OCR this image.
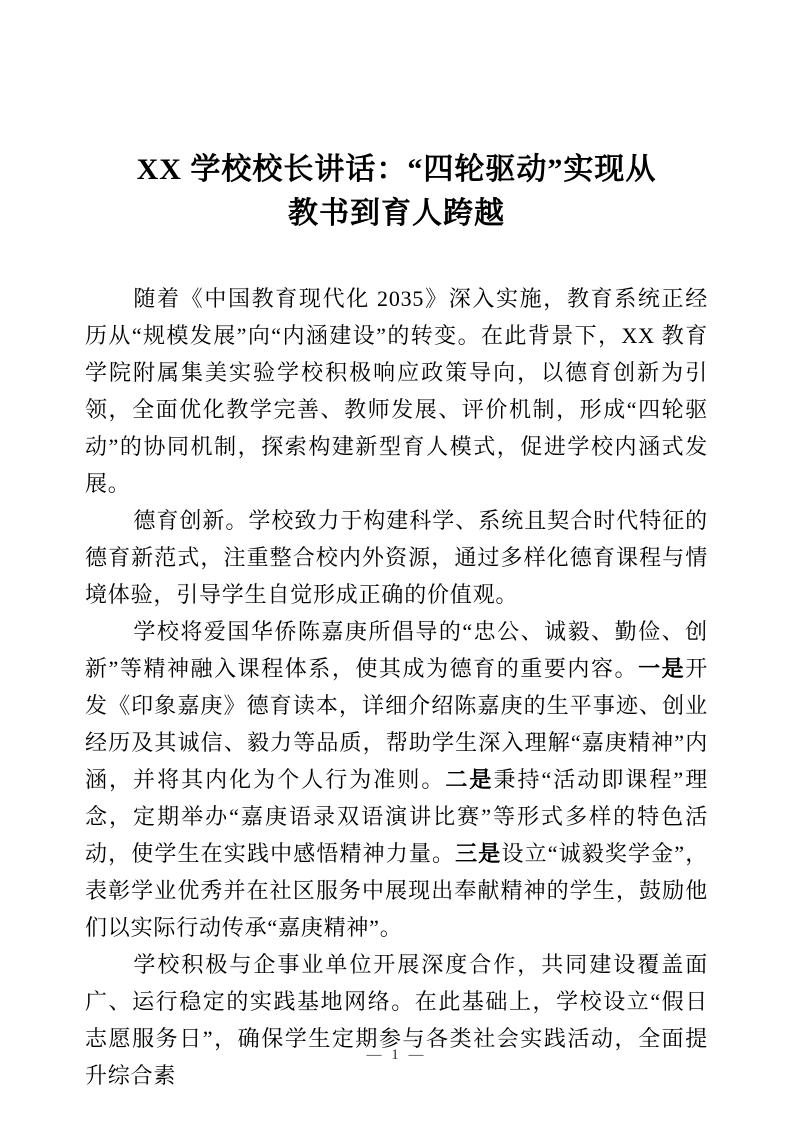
XX 学校校长讲话：“四轮驱动”实现从
教书到育人跨越

随着《中国教育现代化 2035》深入实施，教育系统正经历从“规模发展”向“内涵建设”的转变。在此背景下，XX 教育学院附属集美实验学校积极响应政策导向，以德育创新为引领，全面优化教学完善、教师发展、评价机制，形成“四轮驱动”的协同机制，探索构建新型育人模式，促进学校内涵式发展。

德育创新。学校致力于构建科学、系统且契合时代特征的德育新范式，注重整合校内外资源，通过多样化德育课程与情境体验，引导学生自觉形成正确的价值观。

学校将爱国华侨陈嘉庚所倡导的“忠公、诚毅、勤俭、创新”等精神融入课程体系，使其成为德育的重要内容。一是开发《印象嘉庚》德育读本，详细介绍陈嘉庚的生平事迹、创业经历及其诚信、毅力等品质，帮助学生深入理解“嘉庚精神”内涵，并将其内化为个人行为准则。二是秉持“活动即课程”理念，定期举办“嘉庚语录双语演讲比赛”等形式多样的特色活动，使学生在实践中感悟精神力量。三是设立“诚毅奖学金”，表彰学业优秀并在社区服务中展现出奉献精神的学生，鼓励他们以实际行动传承“嘉庚精神”。

学校积极与企事业单位开展深度合作，共同建设覆盖面广、运行稳定的实践基地网络。在此基础上，学校设立“假日志愿服务日”，确保学生定期参与各类社会实践活动，全面提升综合素

— 1 —
